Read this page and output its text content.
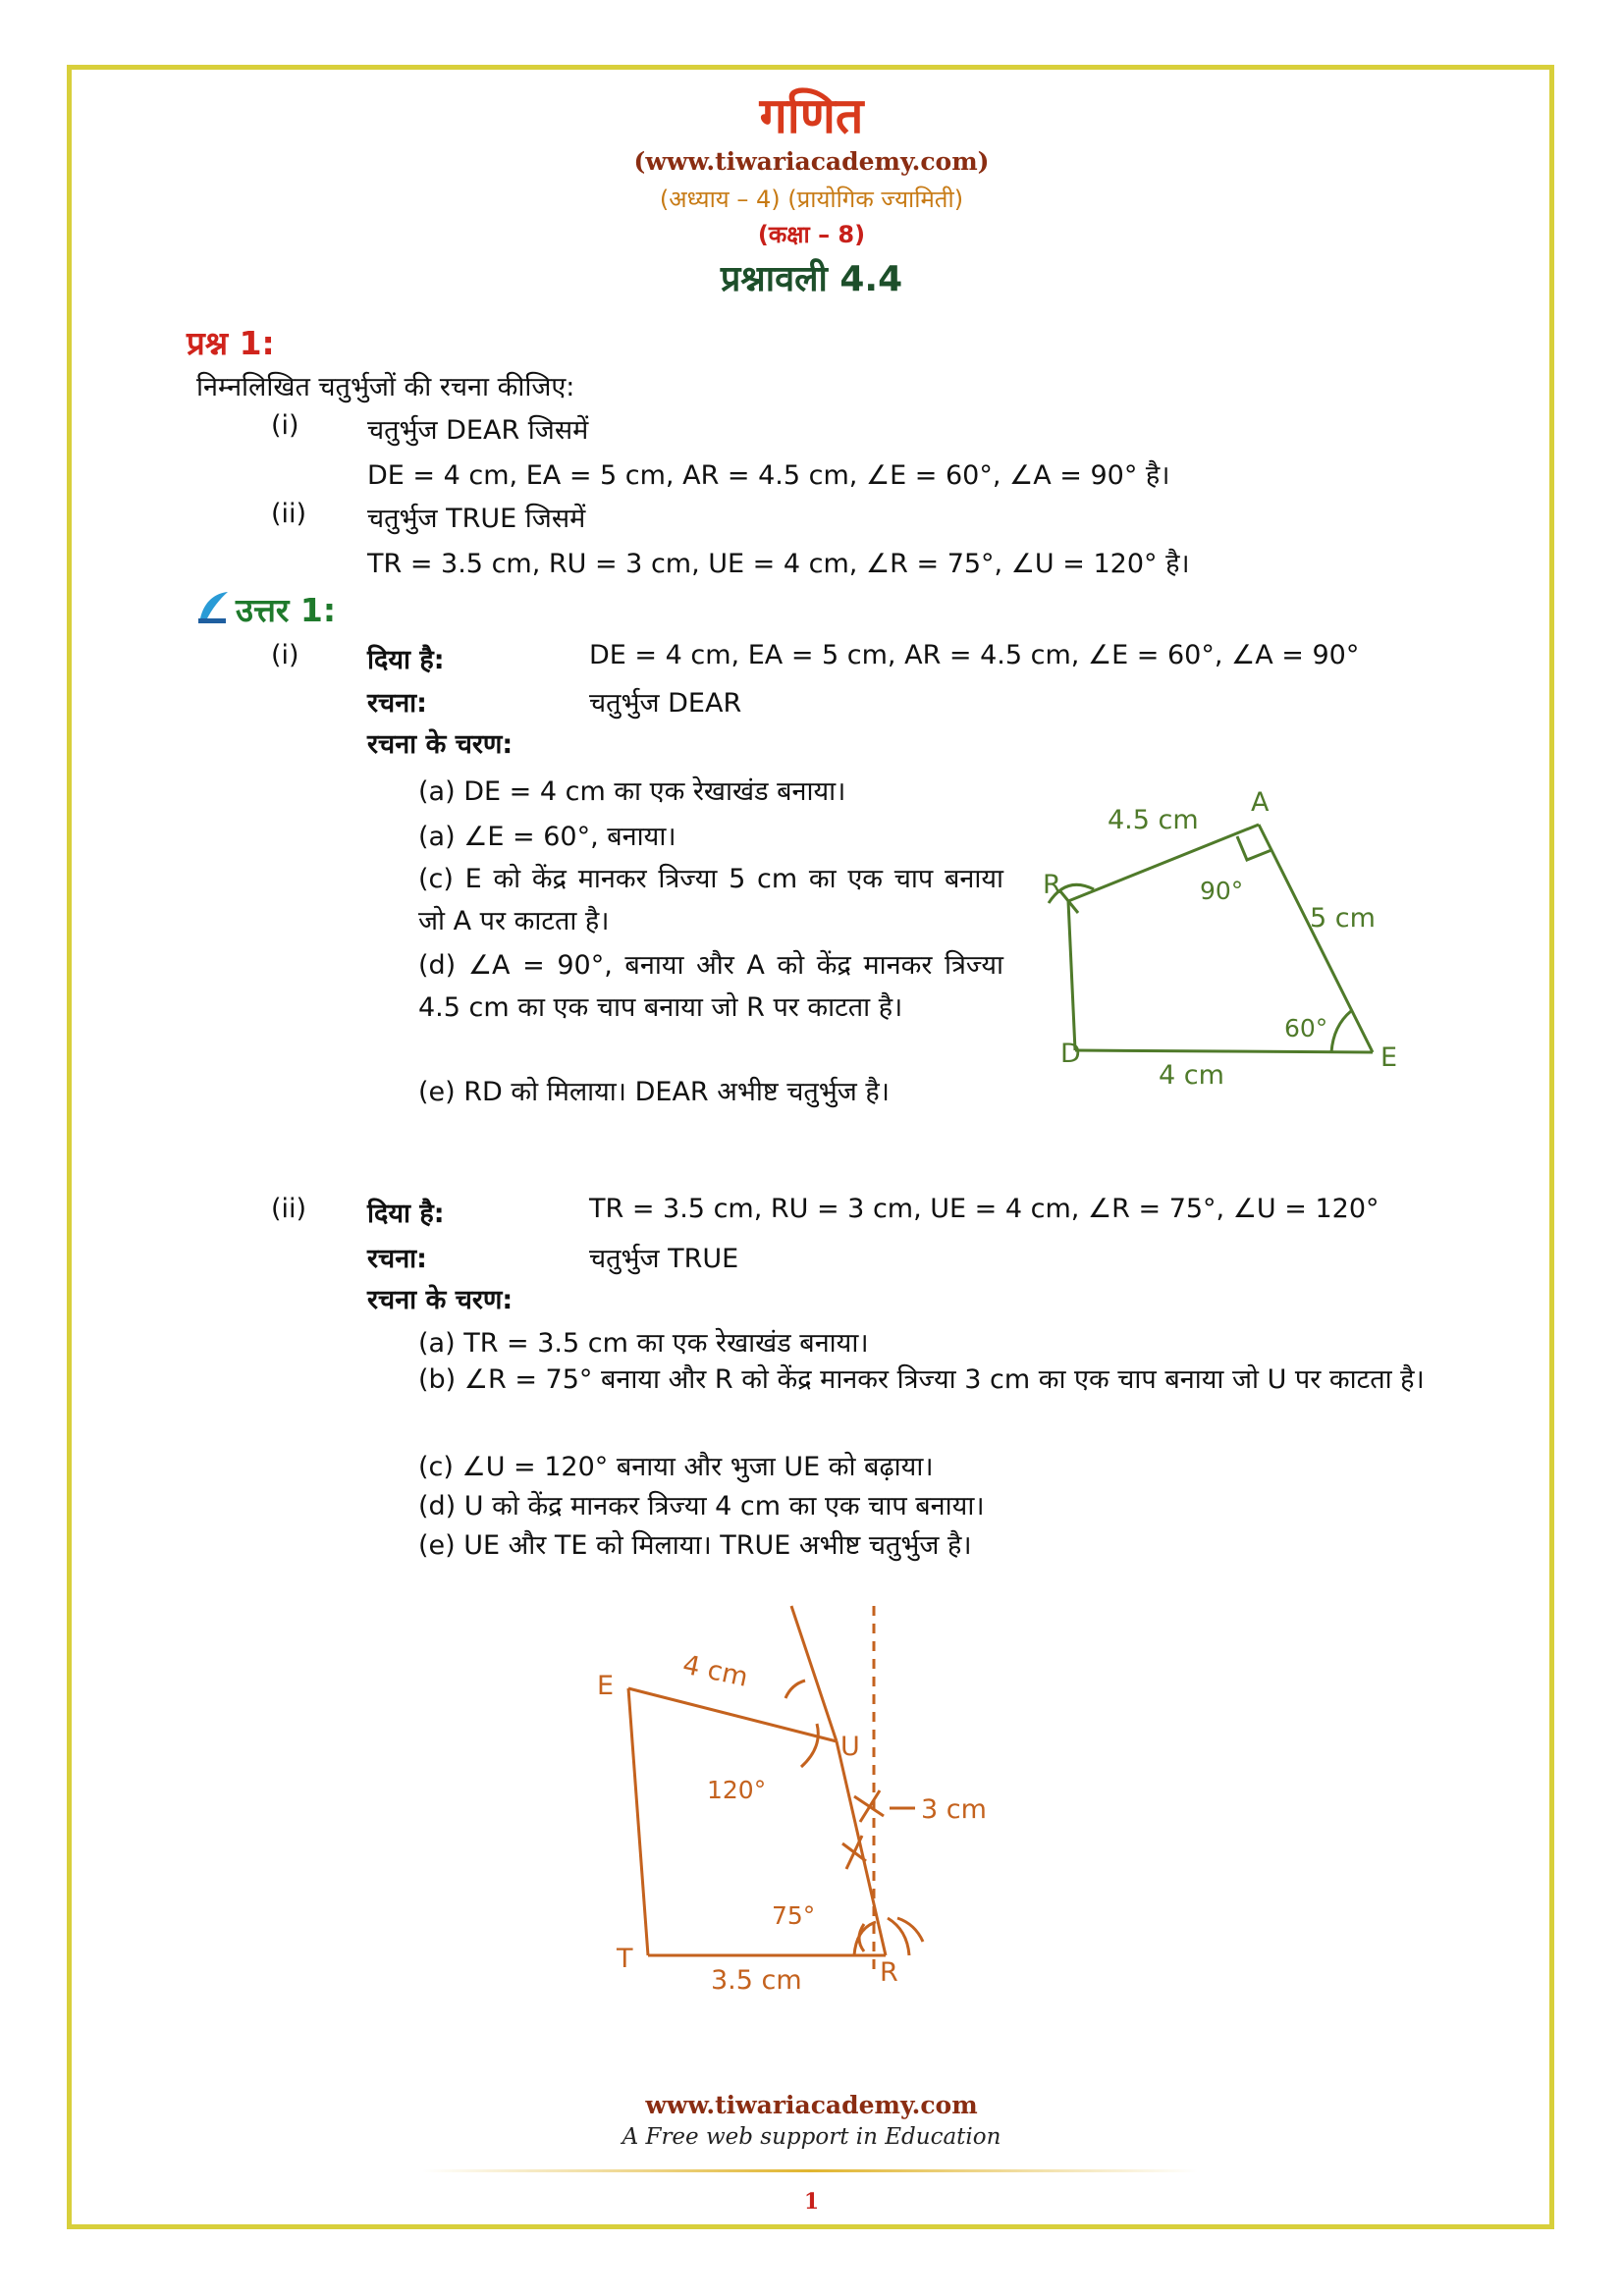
गणित
(www.tiwariacademy.com)
(अध्याय – 4) (प्रायोगिक ज्यामिती)
(कक्षा – 8)
प्रश्नावली 4.4
प्रश्न 1:
निम्नलिखित चतुर्भुजों की रचना कीजिए:
(i)	चतुर्भुज DEAR जिसमें
DE = 4 cm, EA = 5 cm, AR = 4.5 cm, ∠E = 60°, ∠A = 90° है।
(ii) चतुर्भुज TRUE जिसमें
TR = 3.5 cm, RU = 3 cm, UE = 4 cm, ∠R = 75°, ∠U = 120° है।
उत्तर 1:
(i)	दिया है:	DE = 4 cm, EA = 5 cm, AR = 4.5 cm, ∠E = 60°, ∠A = 90°
रचना:	चतुर्भुज DEAR
रचना के चरण:
(a) DE = 4 cm का एक रेखाखंड बनाया।
(a) ∠E = 60°, बनाया।
(c) E को केंद्र मानकर त्रिज्या 5 cm का एक चाप बनाया जो A पर काटता है।
(d) ∠A = 90°, बनाया और A को केंद्र मानकर त्रिज्या 4.5 cm का एक चाप बनाया जो R पर काटता है।
(e) RD को मिलाया। DEAR अभीष्ट चतुर्भुज है।
A
R
D	E
4.5 cm
5 cm
4 cm
90°
60°
(ii) दिया है:	TR = 3.5 cm, RU = 3 cm, UE = 4 cm, ∠R = 75°, ∠U = 120°
रचना:	चतुर्भुज TRUE
रचना के चरण:
(a) TR = 3.5 cm का एक रेखाखंड बनाया।
(b) ∠R = 75° बनाया और R को केंद्र मानकर त्रिज्या 3 cm का एक चाप बनाया जो U पर काटता है।
(c) ∠U = 120° बनाया और भुजा UE को बढ़ाया।
(d) U को केंद्र मानकर त्रिज्या 4 cm का एक चाप बनाया।
(e) UE और TE को मिलाया। TRUE अभीष्ट चतुर्भुज है।
E
U
T	R
4 cm
3 cm
3.5 cm
120°
75°
www.tiwariacademy.com
A Free web support in Education
1
